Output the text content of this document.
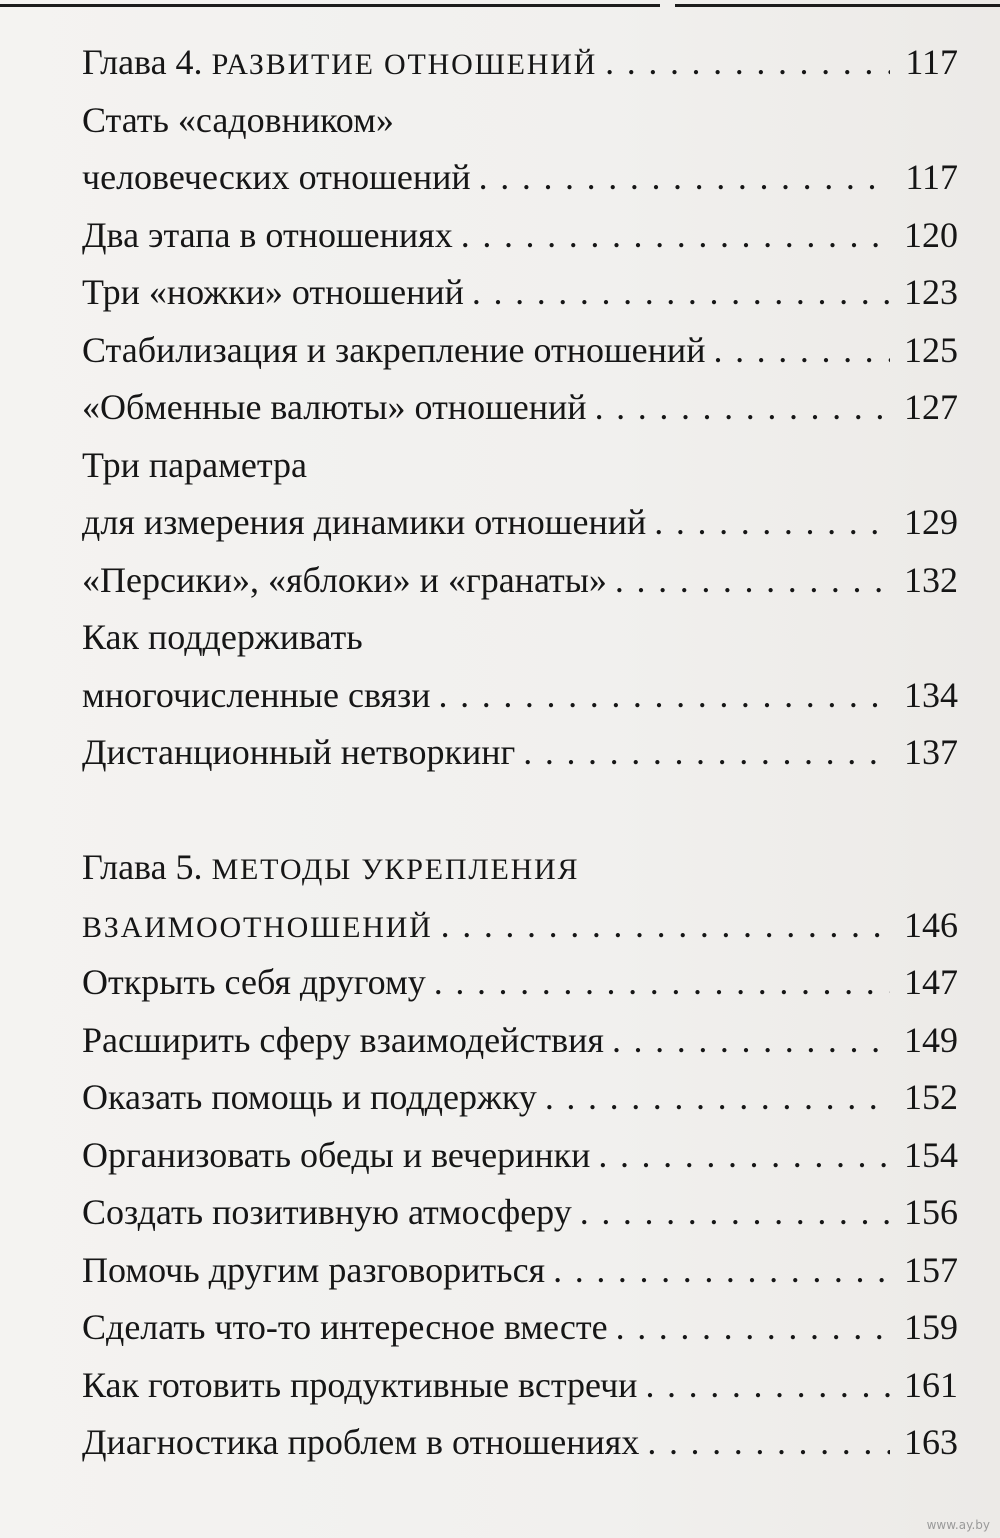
Глава 4. РАЗВИТИЕ ОТНОШЕНИЙ . . .	117
Стать «садовником»
человеческих отношений . . .	117
Два этапа в отношениях . . .	120
Три «ножки» отношений . . .	123
Стабилизация и закрепление отношений . . .	125
«Обменные валюты» отношений . . .	127
Три параметра
для измерения динамики отношений . . .	129
«Персики», «яблоки» и «гранаты» . . .	132
Как поддерживать
многочисленные связи . . .	134
Дистанционный нетворкинг . . .	137
Глава 5. МЕТОДЫ УКРЕПЛЕНИЯ
ВЗАИМООТНОШЕНИЙ . . .	146
Открыть себя другому . . .	147
Расширить сферу взаимодействия . . .	149
Оказать помощь и поддержку . . .	152
Организовать обеды и вечеринки . . .	154
Создать позитивную атмосферу . . .	156
Помочь другим разговориться . . .	157
Сделать что-то интересное вместе . . .	159
Как готовить продуктивные встречи . . .	161
Диагностика проблем в отношениях . . .	163
www.ay.by
